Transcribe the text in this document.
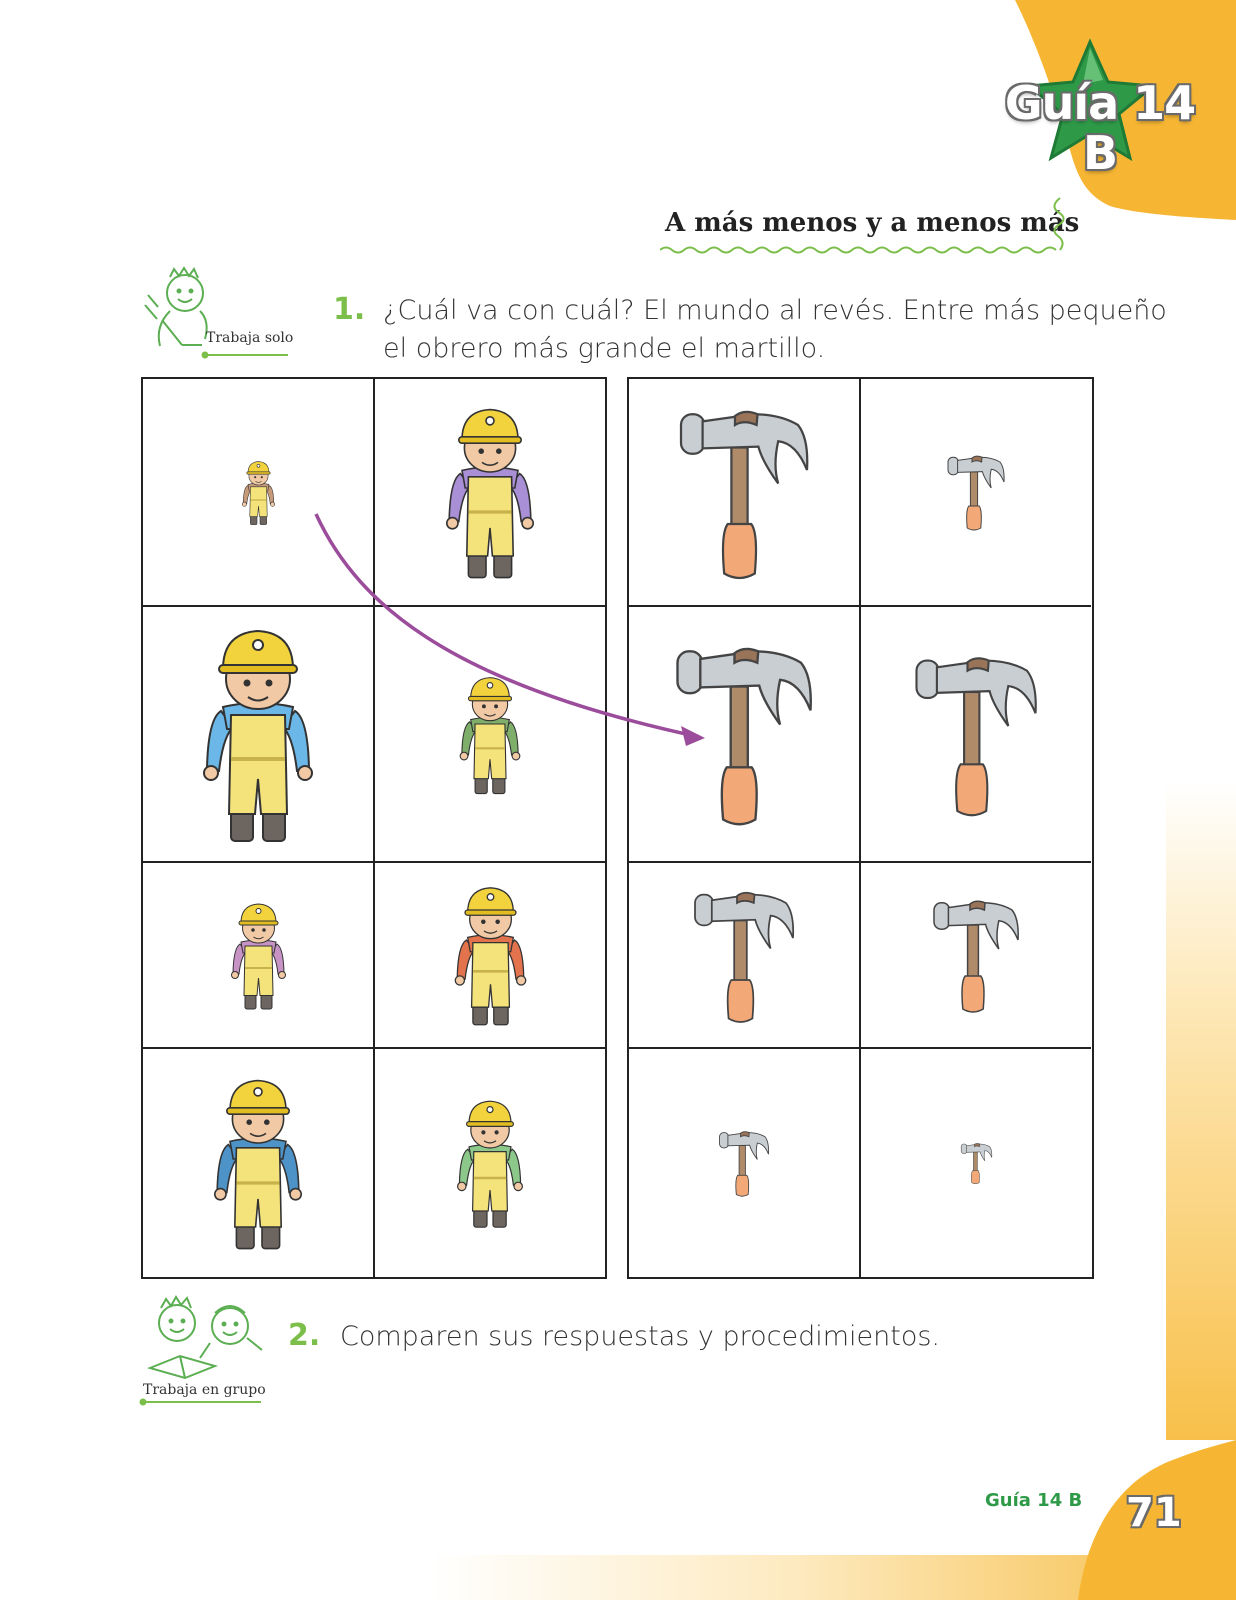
Guía 14
B
A más menos y a menos más
Trabaja solo
1. ¿Cuál va con cuál? El mundo al revés. Entre más pequeño
el obrero más grande el martillo.
Trabaja en grupo
2. Comparen sus respuestas y procedimientos.
Guía 14 B 71
